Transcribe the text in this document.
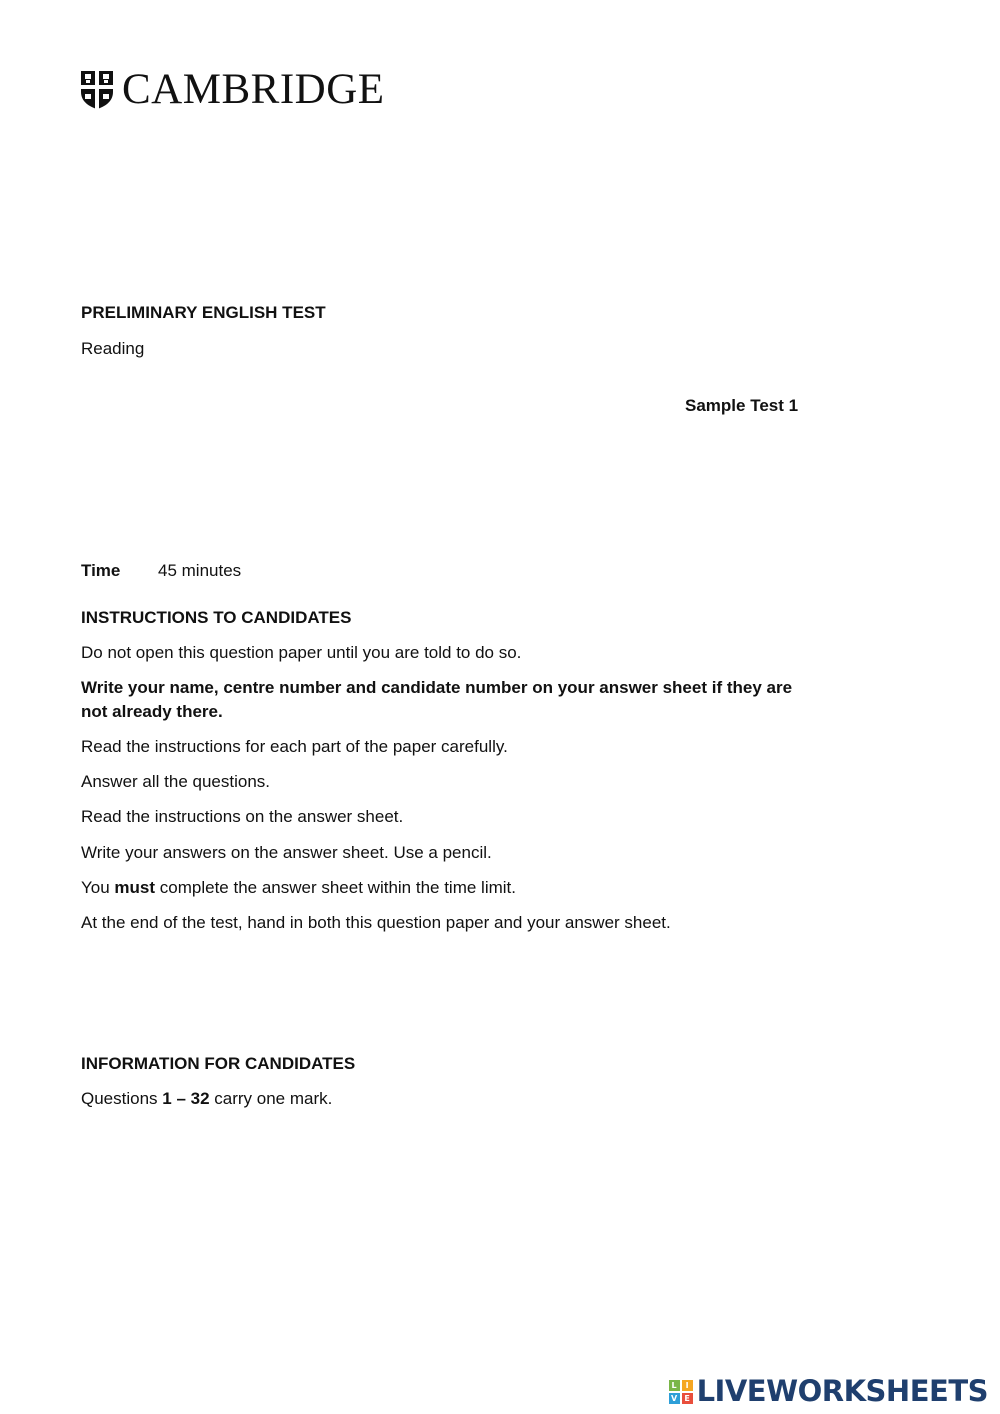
CAMBRIDGE
PRELIMINARY ENGLISH TEST
Reading
Sample Test 1
Time 45 minutes
INSTRUCTIONS TO CANDIDATES
Do not open this question paper until you are told to do so.
Write your name, centre number and candidate number on your answer sheet if they are not already there.
Read the instructions for each part of the paper carefully.
Answer all the questions.
Read the instructions on the answer sheet.
Write your answers on the answer sheet. Use a pencil.
You must complete the answer sheet within the time limit.
At the end of the test, hand in both this question paper and your answer sheet.
INFORMATION FOR CANDIDATES
Questions 1 – 32 carry one mark.
L	I
V E LIVEWORKSHEETS
